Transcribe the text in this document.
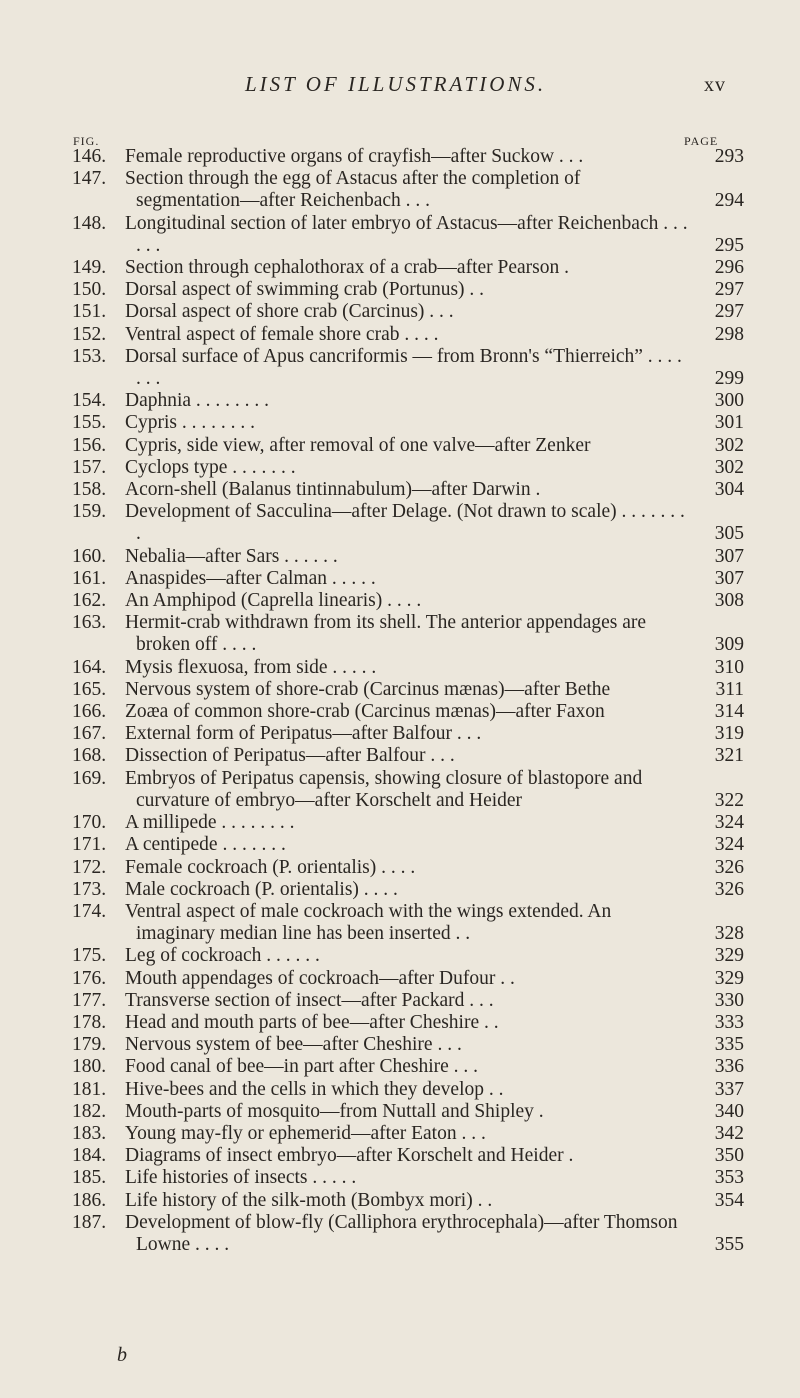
LIST OF ILLUSTRATIONS.	xv
FIG.	PAGE
146. Female reproductive organs of crayfish—after Suckow . . .	293
147. Section through the egg of Astacus after the completion of segmentation—after Reichenbach . . .	294
148. Longitudinal section of later embryo of Astacus—after Reichenbach . . . . . .	295
149. Section through cephalothorax of a crab—after Pearson .	296
150. Dorsal aspect of swimming crab (Portunus) . .	297
151. Dorsal aspect of shore crab (Carcinus) . . .	297
152. Ventral aspect of female shore crab . . . .	298
153. Dorsal surface of Apus cancriformis — from Bronn's “Thierreich” . . . . . . .	299
154. Daphnia . . . . . . . .	300
155. Cypris . . . . . . . .	301
156. Cypris, side view, after removal of one valve—after Zenker	302
157. Cyclops type . . . . . . .	302
158. Acorn-shell (Balanus tintinnabulum)—after Darwin .	304
159. Development of Sacculina—after Delage. (Not drawn to scale) . . . . . . . .	305
160. Nebalia—after Sars . . . . . .	307
161. Anaspides—after Calman . . . . .	307
162. An Amphipod (Caprella linearis) . . . .	308
163. Hermit-crab withdrawn from its shell. The anterior appendages are broken off . . . .	309
164. Mysis flexuosa, from side . . . . .	310
165. Nervous system of shore-crab (Carcinus mænas)—after Bethe	311
166. Zoæa of common shore-crab (Carcinus mænas)—after Faxon	314
167. External form of Peripatus—after Balfour . . .	319
168. Dissection of Peripatus—after Balfour . . .	321
169. Embryos of Peripatus capensis, showing closure of blastopore and curvature of embryo—after Korschelt and Heider	322
170. A millipede . . . . . . . .	324
171. A centipede . . . . . . .	324
172. Female cockroach (P. orientalis) . . . .	326
173. Male cockroach (P. orientalis) . . . .	326
174. Ventral aspect of male cockroach with the wings extended. An imaginary median line has been inserted . .	328
175. Leg of cockroach . . . . . .	329
176. Mouth appendages of cockroach—after Dufour . .	329
177. Transverse section of insect—after Packard . . .	330
178. Head and mouth parts of bee—after Cheshire . .	333
179. Nervous system of bee—after Cheshire . . .	335
180. Food canal of bee—in part after Cheshire . . .	336
181. Hive-bees and the cells in which they develop . .	337
182. Mouth-parts of mosquito—from Nuttall and Shipley .	340
183. Young may-fly or ephemerid—after Eaton . . .	342
184. Diagrams of insect embryo—after Korschelt and Heider .	350
185. Life histories of insects . . . . .	353
186. Life history of the silk-moth (Bombyx mori) . .	354
187. Development of blow-fly (Calliphora erythrocephala)—after Thomson Lowne . . . .	355
b
